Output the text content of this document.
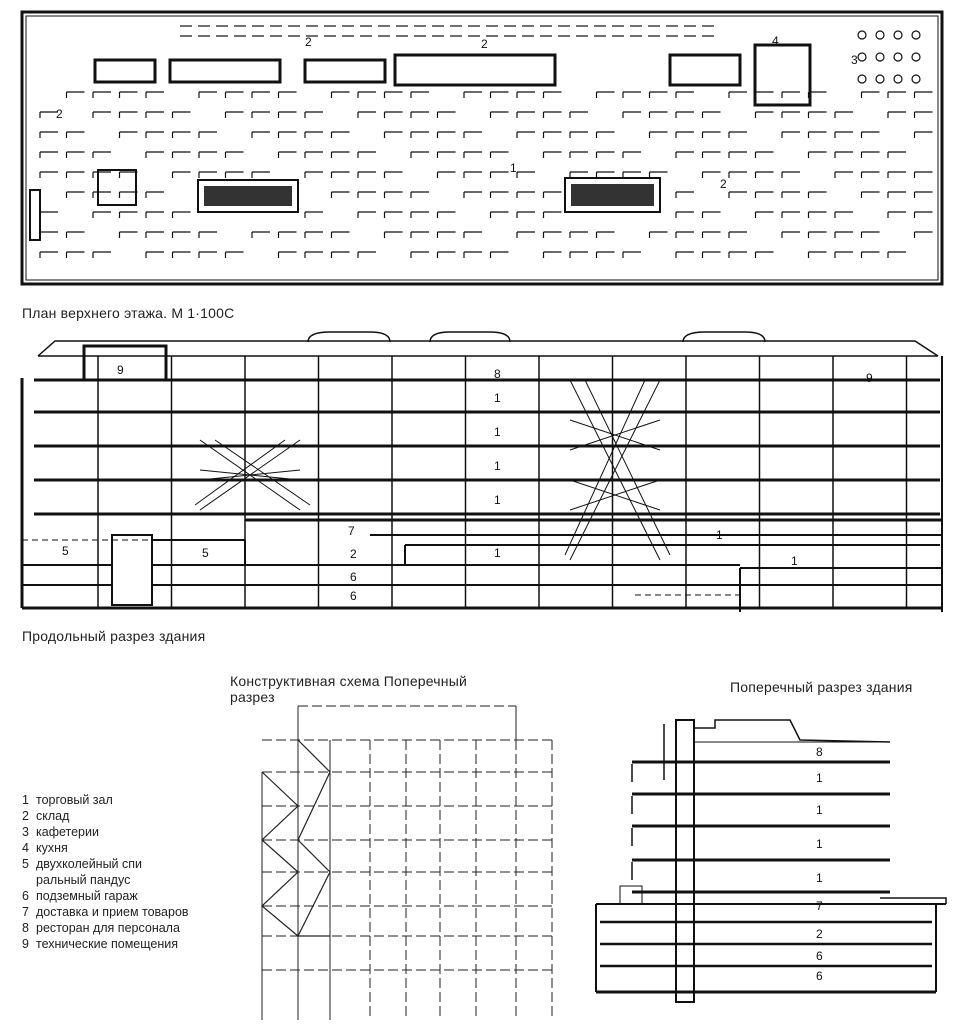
2	2
2
2
3
4
1
9	8	9
1
1
1
1
7
5	5	2
6
6
1
1
1
8
1
1
1
1
7
2
6
6
План верхнего этажа. М 1·100С
Продольный разрез здания
Конструктивная схема Поперечный
разрез
Поперечный разрез здания
1 торговый зал
2 склад
3 кафетерии
4 кухня
5 двухколейный спи ральный пандус
6 подземный гараж
7 доставка и прием товаров
8 ресторан для персонала
9 технические помещения
